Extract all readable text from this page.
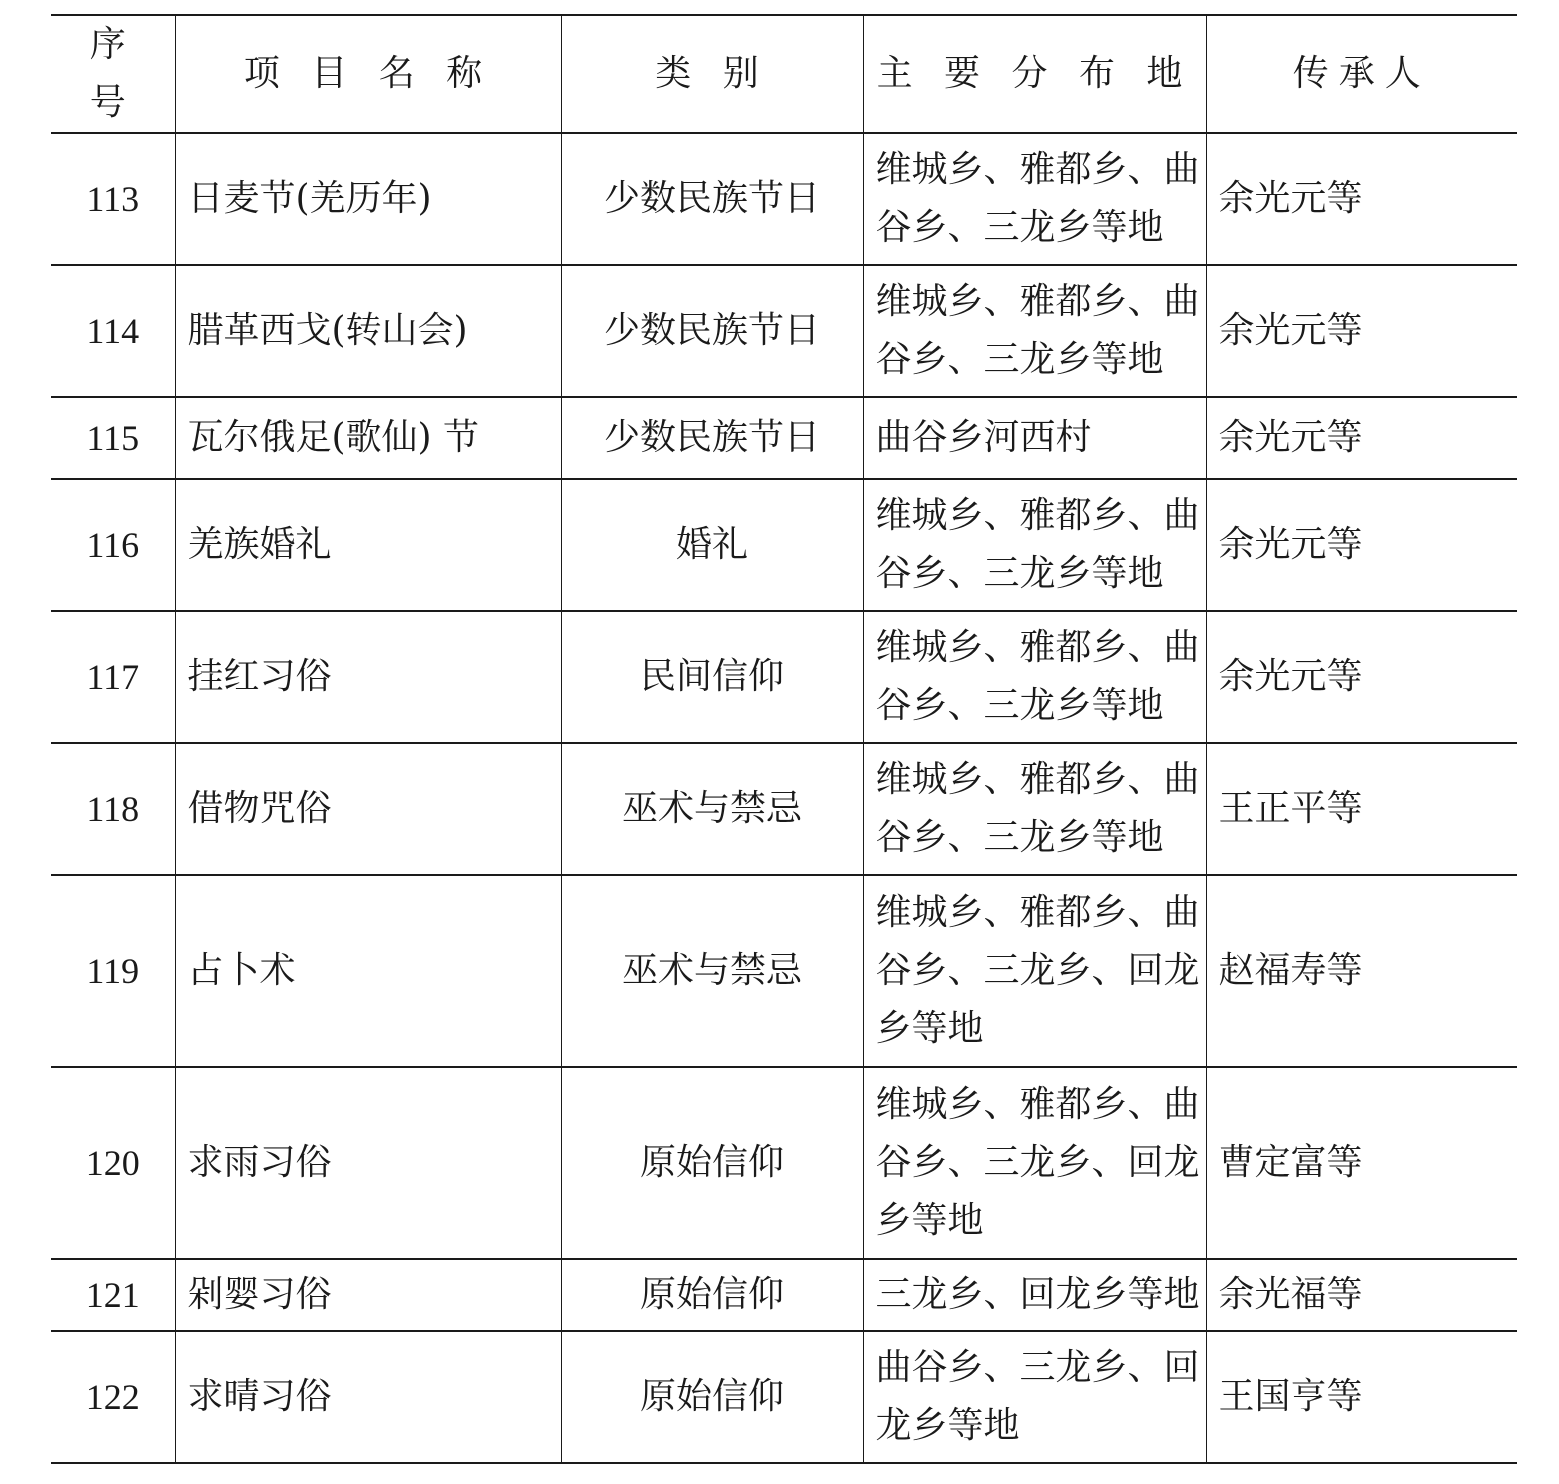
序 号	项 目 名 称	类 别	主 要 分 布 地	传承人
113	日麦节(羌历年)	少数民族节日	维城乡、雅都乡、曲谷乡、三龙乡等地	余光元等
114	腊革西戈(转山会)	少数民族节日	维城乡、雅都乡、曲谷乡、三龙乡等地	余光元等
115	瓦尔俄足(歌仙) 节	少数民族节日	曲谷乡河西村	余光元等
116	羌族婚礼	婚礼	维城乡、雅都乡、曲谷乡、三龙乡等地	余光元等
117	挂红习俗	民间信仰	维城乡、雅都乡、曲谷乡、三龙乡等地	余光元等
118	借物咒俗	巫术与禁忌	维城乡、雅都乡、曲谷乡、三龙乡等地	王正平等
119	占卜术	巫术与禁忌	维城乡、雅都乡、曲谷乡、三龙乡、回龙乡等地	赵福寿等
120	求雨习俗	原始信仰	维城乡、雅都乡、曲谷乡、三龙乡、回龙乡等地	曹定富等
121	剁婴习俗	原始信仰	三龙乡、回龙乡等地	余光福等
122	求晴习俗	原始信仰	曲谷乡、三龙乡、回龙乡等地	王国亨等
